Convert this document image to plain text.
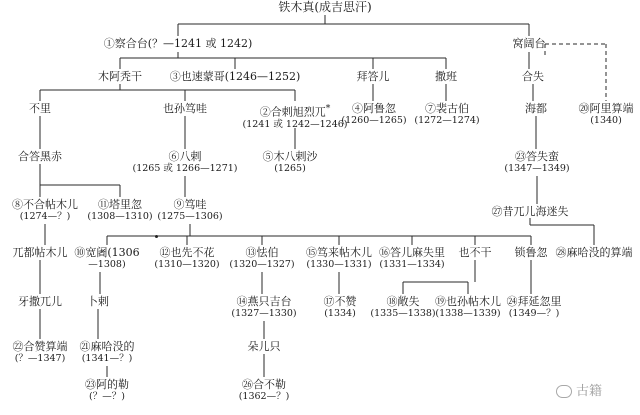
铁木真(成吉思汗)
①察合台(？—1241 或 1242)	窝阔台
木阿秃干	③也速蒙哥(1246—1252)	拜答儿	撒班	合失
不里	也孙笃哇	②合剌旭烈兀*
(1241 或 1242—1246)
④阿鲁忽
(1260—1265)
⑦裴古伯
(1272—1274)
海都	⑳阿里算端
(1340)
合答黑赤	⑥八剌
(1265 或 1266—1271)
⑤木八剌沙
(1265)
㉓答失蛮
(1347—1349)
⑧不合帖木儿
(1274—？)
⑪塔里忽
(1308—1310)
⑨笃哇
(1275—1306)	㉗昔兀儿海迷失
兀都帖木儿 ⑩宽阇(1306
—1308)
⑫也先不花
(1310—1320)
⑬怯伯
(1320—1327)
⑮笃来帖木儿
(1330—1331)
⑯答儿麻失里
(1331—1334)
也不干 锁鲁忽 ㉘麻哈没的算端
牙撒兀儿 卜剌	⑭燕只吉台
(1327—1330)
⑰不赞
(1334)
⑱敞失
(1335—1338)
⑲也孙帖木儿
(1338—1339)
㉔拜延忽里
(1349—？)
㉒合赞算端
(？—1347)
㉑麻哈没的
(1341—？)
朵儿只
㉓阿的勒
(？—？)
㉖合不勒
(1362—？)	古籍
